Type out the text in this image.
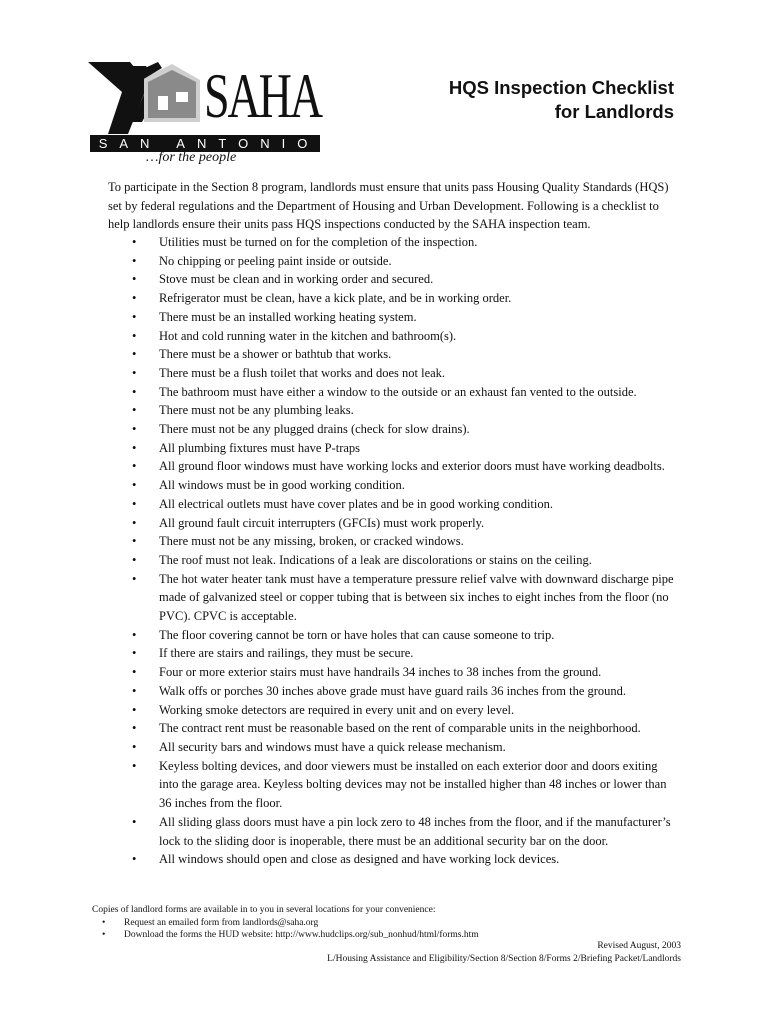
SAHA
SAN ANTONIO
…for the people
HQS Inspection Checklist
for Landlords
To participate in the Section 8 program, landlords must ensure that units pass Housing Quality Standards (HQS)
set by federal regulations and the Department of Housing and Urban Development. Following is a checklist to
help landlords ensure their units pass HQS inspections conducted by the SAHA inspection team.
• Utilities must be turned on for the completion of the inspection.
• No chipping or peeling paint inside or outside.
• Stove must be clean and in working order and secured.
• Refrigerator must be clean, have a kick plate, and be in working order.
• There must be an installed working heating system.
• Hot and cold running water in the kitchen and bathroom(s).
• There must be a shower or bathtub that works.
• There must be a flush toilet that works and does not leak.
• The bathroom must have either a window to the outside or an exhaust fan vented to the outside.
• There must not be any plumbing leaks.
• There must not be any plugged drains (check for slow drains).
• All plumbing fixtures must have P-traps
• All ground floor windows must have working locks and exterior doors must have working deadbolts.
• All windows must be in good working condition.
• All electrical outlets must have cover plates and be in good working condition.
• All ground fault circuit interrupters (GFCIs) must work properly.
• There must not be any missing, broken, or cracked windows.
• The roof must not leak. Indications of a leak are discolorations or stains on the ceiling.
• The hot water heater tank must have a temperature pressure relief valve with downward discharge pipe
made of galvanized steel or copper tubing that is between six inches to eight inches from the floor (no
PVC). CPVC is acceptable.
• The floor covering cannot be torn or have holes that can cause someone to trip.
• If there are stairs and railings, they must be secure.
• Four or more exterior stairs must have handrails 34 inches to 38 inches from the ground.
• Walk offs or porches 30 inches above grade must have guard rails 36 inches from the ground.
• Working smoke detectors are required in every unit and on every level.
• The contract rent must be reasonable based on the rent of comparable units in the neighborhood.
• All security bars and windows must have a quick release mechanism.
• Keyless bolting devices, and door viewers must be installed on each exterior door and doors exiting
into the garage area. Keyless bolting devices may not be installed higher than 48 inches or lower than
36 inches from the floor.
• All sliding glass doors must have a pin lock zero to 48 inches from the floor, and if the manufacturer’s
lock to the sliding door is inoperable, there must be an additional security bar on the door.
• All windows should open and close as designed and have working lock devices.
Copies of landlord forms are available in to you in several locations for your convenience:
• Request an emailed form from landlords@saha.org
• Download the forms the HUD website: http://www.hudclips.org/sub_nonhud/html/forms.htm
Revised August, 2003
L/Housing Assistance and Eligibility/Section 8/Section 8/Forms 2/Briefing Packet/Landlords
